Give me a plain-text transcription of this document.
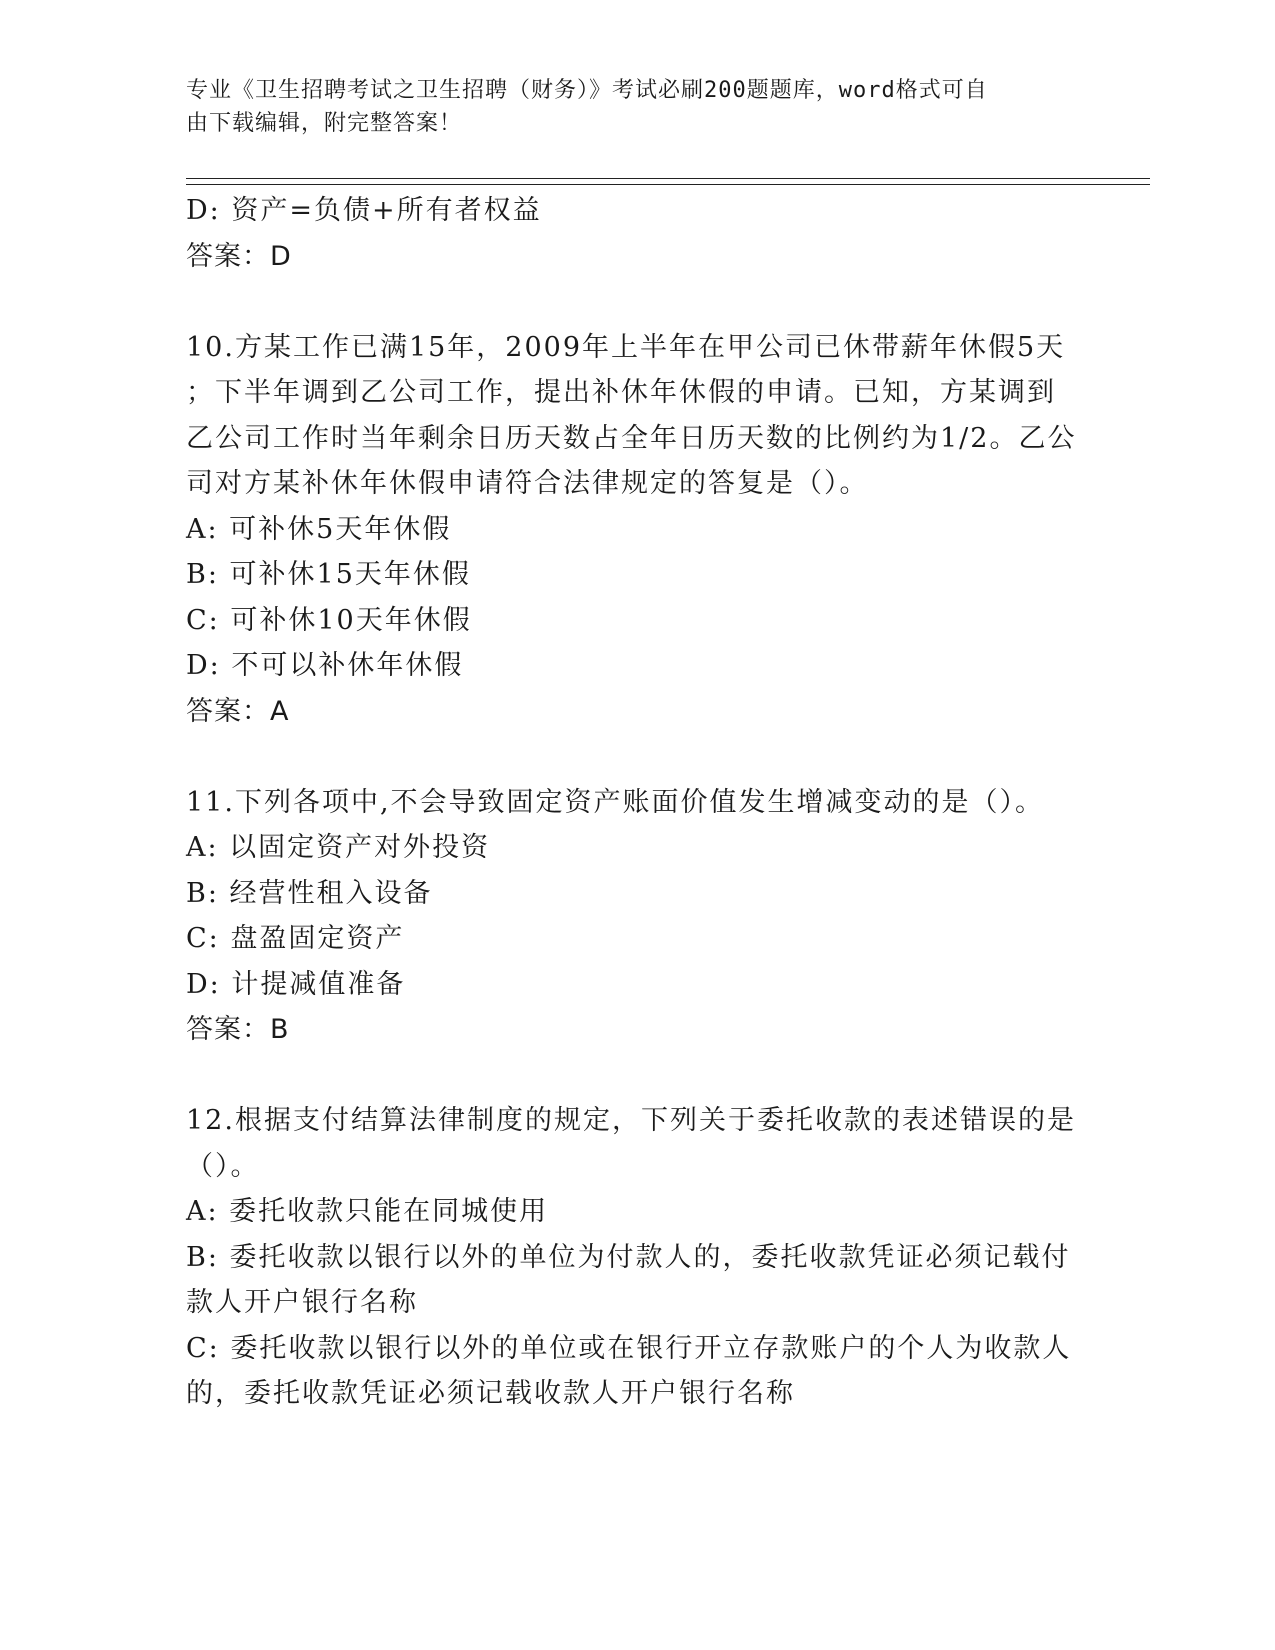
专业《卫生招聘考试之卫生招聘（财务）》考试必刷200题题库，word格式可自
由下载编辑，附完整答案！
D: 资产=负债+所有者权益
答案：D
10.方某工作已满15年，2009年上半年在甲公司已休带薪年休假5天
；下半年调到乙公司工作，提出补休年休假的申请。已知，方某调到
乙公司工作时当年剩余日历天数占全年日历天数的比例约为1/2。乙公
司对方某补休年休假申请符合法律规定的答复是（）。
A: 可补休5天年休假
B: 可补休15天年休假
C: 可补休10天年休假
D: 不可以补休年休假
答案：A
11.下列各项中,不会导致固定资产账面价值发生增减变动的是（）。
A: 以固定资产对外投资
B: 经营性租入设备
C: 盘盈固定资产
D: 计提减值准备
答案：B
12.根据支付结算法律制度的规定，下列关于委托收款的表述错误的是
（）。
A: 委托收款只能在同城使用
B: 委托收款以银行以外的单位为付款人的，委托收款凭证必须记载付
款人开户银行名称
C: 委托收款以银行以外的单位或在银行开立存款账户的个人为收款人
的，委托收款凭证必须记载收款人开户银行名称
